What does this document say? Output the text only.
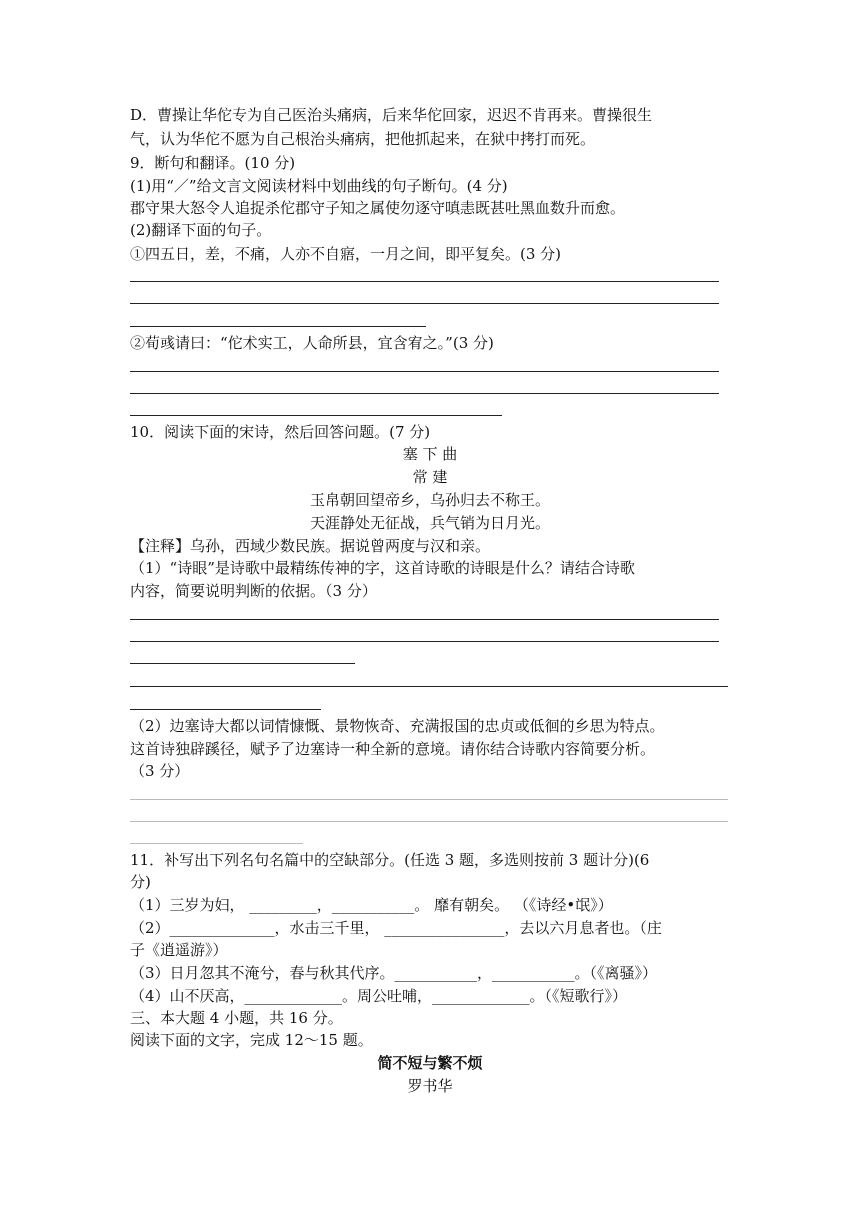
D．曹操让华佗专为自己医治头痛病，后来华佗回家，迟迟不肯再来。曹操很生
气，认为华佗不愿为自己根治头痛病，把他抓起来，在狱中拷打而死。
9．断句和翻译。(10 分)
(1)用“／”给文言文阅读材料中划曲线的句子断句。(4 分)
郡守果大怒令人追捉杀佗郡守子知之属使勿逐守嗔恚既甚吐黑血数升而愈。
(2)翻译下面的句子。
①四五日，差，不痛，人亦不自寤，一月之间，即平复矣。(3 分)
②荀彧请曰：“佗术实工，人命所县，宜含宥之。”(3 分)
10．阅读下面的宋诗，然后回答问题。(7 分)
塞 下 曲
常 建
玉帛朝回望帝乡，乌孙归去不称王。
天涯静处无征战，兵气销为日月光。
【注释】乌孙，西域少数民族。据说曾两度与汉和亲。
（1）“诗眼”是诗歌中最精练传神的字，这首诗歌的诗眼是什么？请结合诗歌
内容，简要说明判断的依据。（3 分）
（2）边塞诗大都以词情慷慨、景物恢奇、充满报国的忠贞或低徊的乡思为特点。
这首诗独辟蹊径，赋予了边塞诗一种全新的意境。请你结合诗歌内容简要分析。
（3 分）
11．补写出下列名句名篇中的空缺部分。(任选 3 题，多选则按前 3 题计分)(6
分)
（1）三岁为妇， _________，___________。 靡有朝矣。 （《诗经•氓》）
（2）______________，水击三千里， ________________，去以六月息者也。（庄
子《逍遥游》）
（3）日月忽其不淹兮，春与秋其代序。___________，___________。（《离骚》）
（4）山不厌高，_____________。周公吐哺，_____________。（《短歌行》）
三、本大题 4 小题，共 16 分。
阅读下面的文字，完成 12～15 题。
简不短与繁不烦
罗书华
